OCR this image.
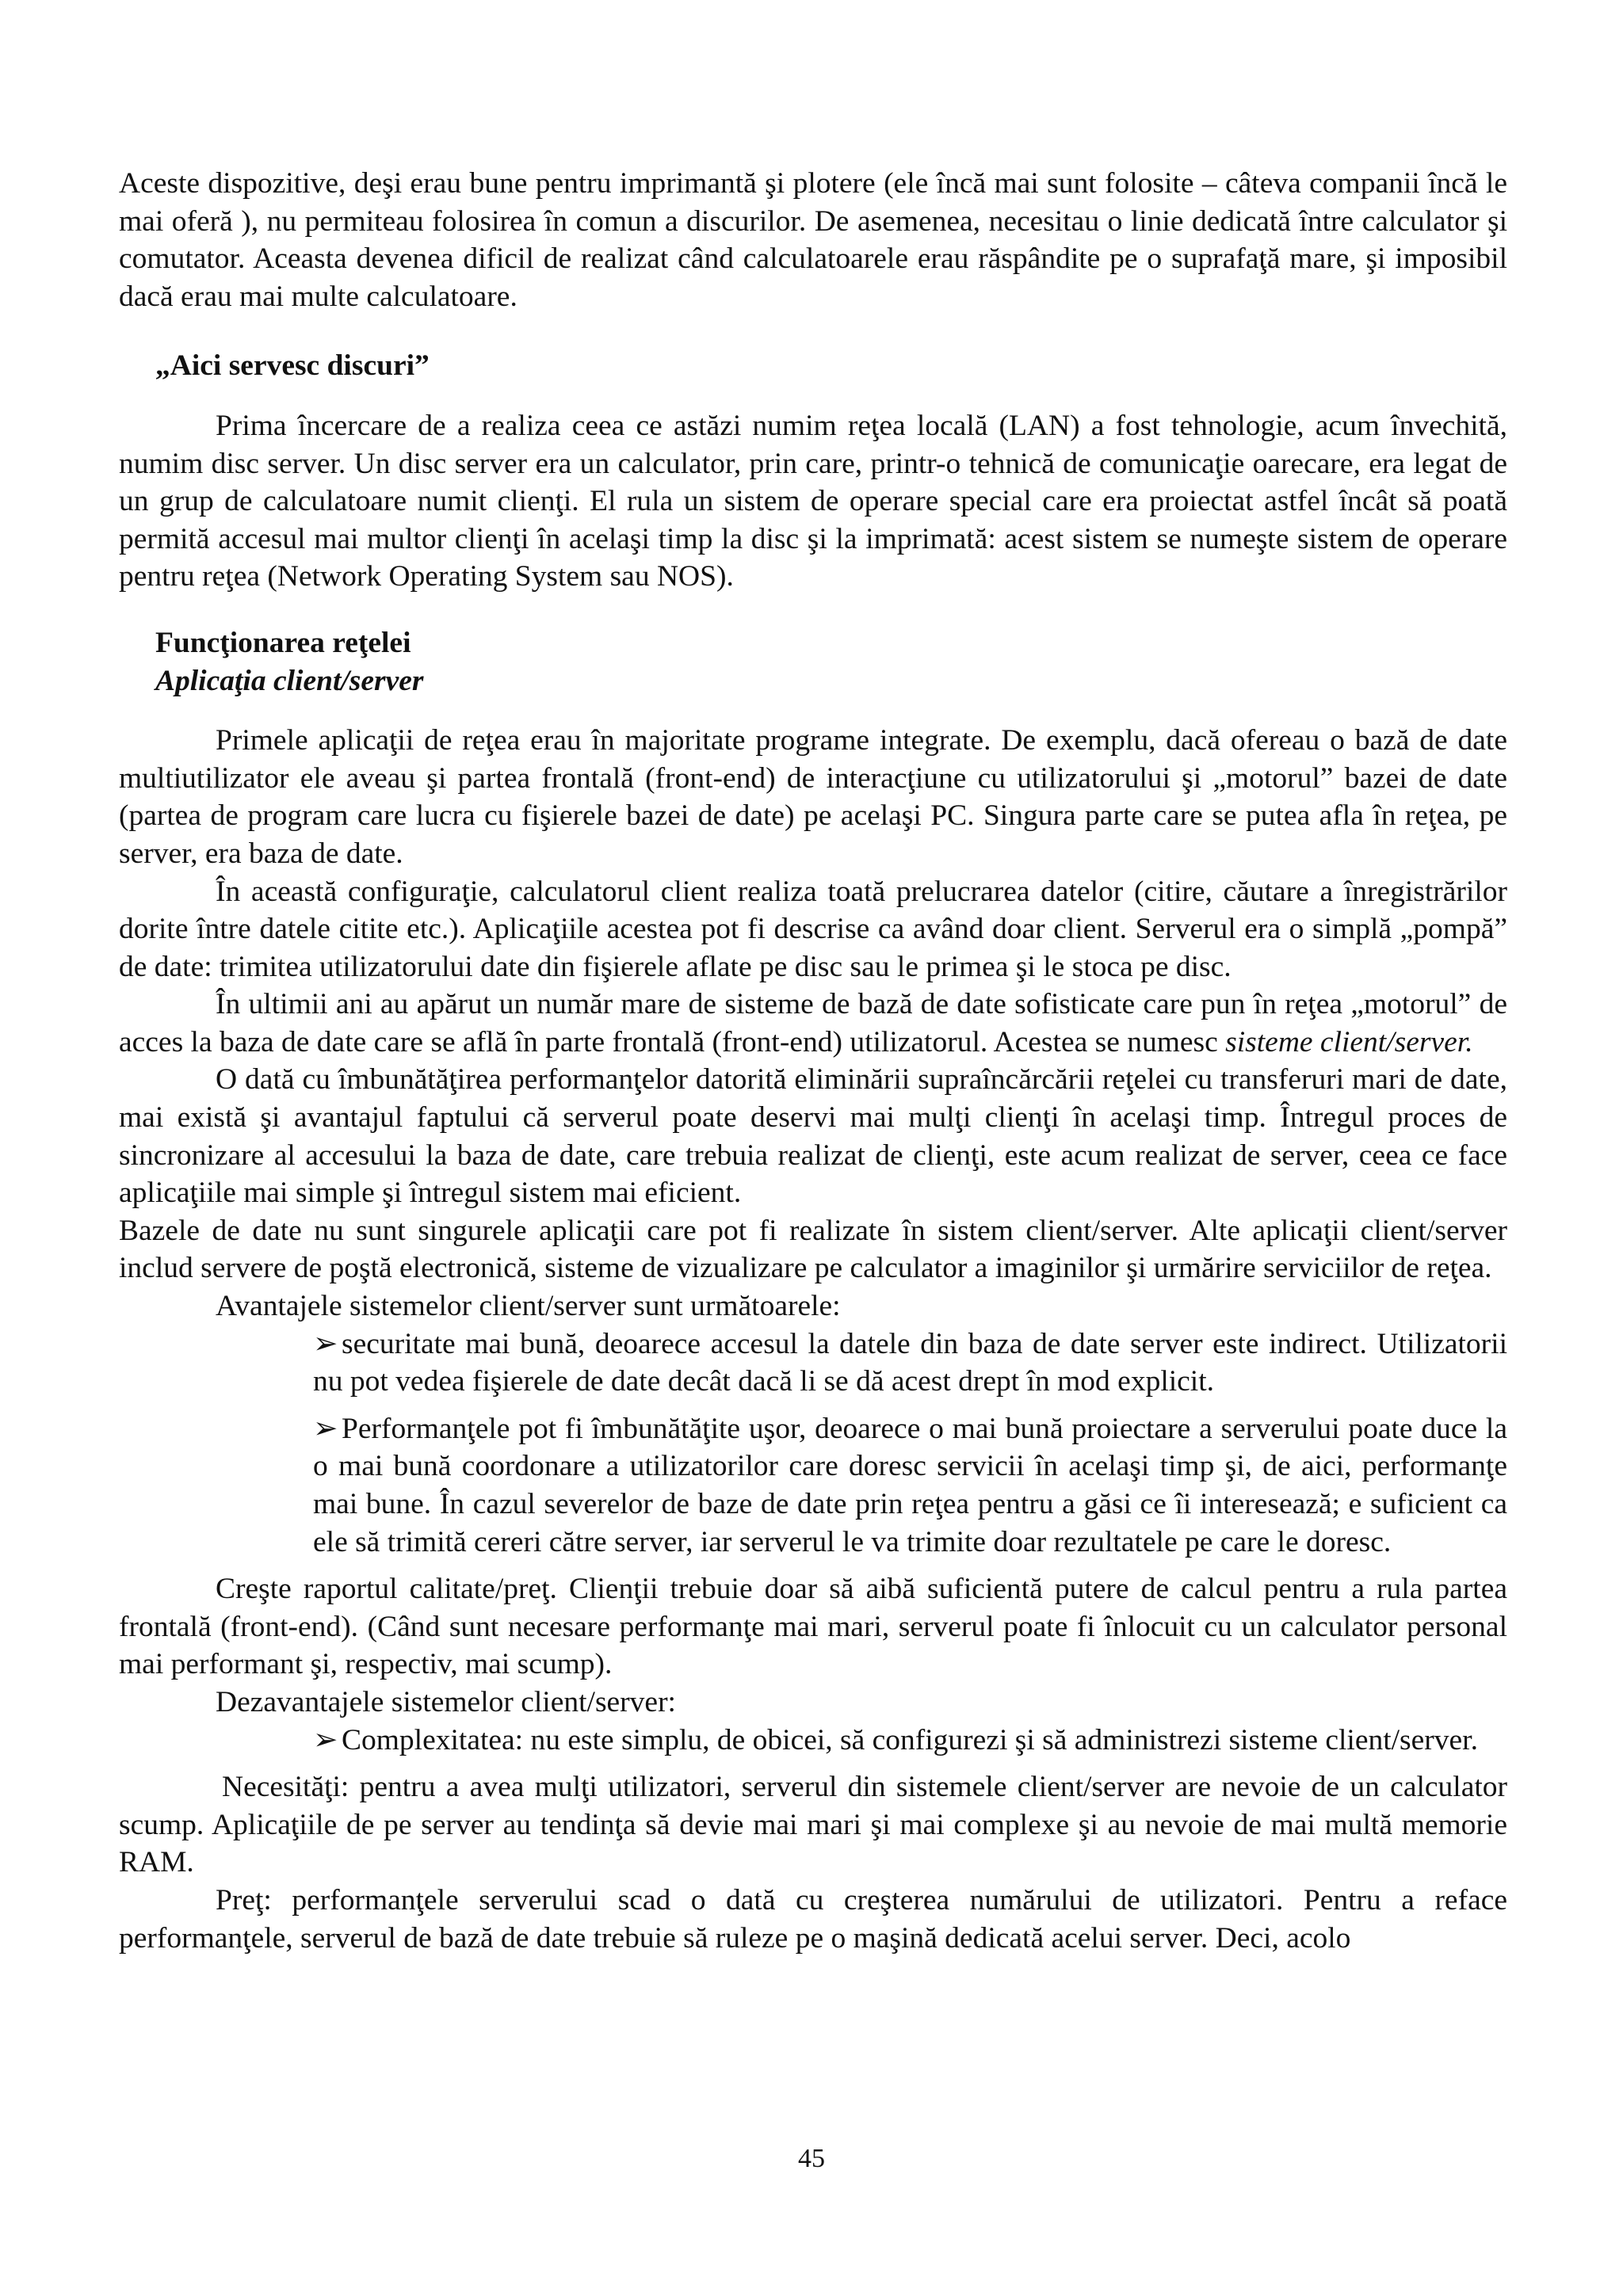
Aceste dispozitive, deşi erau bune pentru imprimantă şi plotere (ele încă mai sunt folosite – câteva companii încă le mai oferă ), nu permiteau folosirea în comun a discurilor. De asemenea, necesitau o linie dedicată între calculator şi comutator. Aceasta devenea dificil de realizat când calculatoarele erau răspândite pe o suprafaţă mare, şi imposibil dacă erau mai multe calculatoare.

„Aici servesc discuri”

Prima încercare de a realiza ceea ce astăzi numim reţea locală (LAN) a fost tehnologie, acum învechită, numim disc server. Un disc server era un calculator, prin care, printr-o tehnică de comunicaţie oarecare, era legat de un grup de calculatoare numit clienţi. El rula un sistem de operare special care era proiectat astfel încât să poată permită accesul mai multor clienţi în acelaşi timp la disc şi la imprimată: acest sistem se numeşte sistem de operare pentru reţea (Network Operating System sau NOS).

Funcţionarea reţelei

Aplicaţia client/server

Primele aplicaţii de reţea erau în majoritate programe integrate. De exemplu, dacă ofereau o bază de date multiutilizator ele aveau şi partea frontală (front-end) de interacţiune cu utilizatorului şi „motorul” bazei de date (partea de program care lucra cu fişierele bazei de date) pe acelaşi PC. Singura parte care se putea afla în reţea, pe server, era baza de date.

În această configuraţie, calculatorul client realiza toată prelucrarea datelor (citire, căutare a înregistrărilor dorite între datele citite etc.). Aplicaţiile acestea pot fi descrise ca având doar client. Serverul era o simplă „pompă” de date: trimitea utilizatorului date din fişierele aflate pe disc sau le primea şi le stoca pe disc.

În ultimii ani au apărut un număr mare de sisteme de bază de date sofisticate care pun în reţea „motorul” de acces la baza de date care se află în parte frontală (front-end) utilizatorul. Acestea se numesc sisteme client/server.

O dată cu îmbunătăţirea performanţelor datorită eliminării supraîncărcării reţelei cu transferuri mari de date, mai există şi avantajul faptului că serverul poate deservi mai mulţi clienţi în acelaşi timp. Întregul proces de sincronizare al accesului la baza de date, care trebuia realizat de clienţi, este acum realizat de server, ceea ce face aplicaţiile mai simple şi întregul sistem mai eficient.

Bazele de date nu sunt singurele aplicaţii care pot fi realizate în sistem client/server. Alte aplicaţii client/server includ servere de poştă electronică, sisteme de vizualizare pe calculator a imaginilor şi urmărire serviciilor de reţea.

Avantajele sistemelor client/server sunt următoarele:

➢ securitate mai bună, deoarece accesul la datele din baza de date server este indirect. Utilizatorii nu pot vedea fişierele de date decât dacă li se dă acest drept în mod explicit.

➢ Performanţele pot fi îmbunătăţite uşor, deoarece o mai bună proiectare a serverului poate duce la o mai bună coordonare a utilizatorilor care doresc servicii în acelaşi timp şi, de aici, performanţe mai bune. În cazul severelor de baze de date prin reţea pentru a găsi ce îi interesează; e suficient ca ele să trimită cereri către server, iar serverul le va trimite doar rezultatele pe care le doresc.

Creşte raportul calitate/preţ. Clienţii trebuie doar să aibă suficientă putere de calcul pentru a rula partea frontală (front-end). (Când sunt necesare performanţe mai mari, serverul poate fi înlocuit cu un calculator personal mai performant şi, respectiv, mai scump).

Dezavantajele sistemelor client/server:

➢ Complexitatea: nu este simplu, de obicei, să configurezi şi să administrezi sisteme client/server.

Necesităţi: pentru a avea mulţi utilizatori, serverul din sistemele client/server are nevoie de un calculator scump. Aplicaţiile de pe server au tendinţa să devie mai mari şi mai complexe şi au nevoie de mai multă memorie RAM.

Preţ: performanţele serverului scad o dată cu creşterea numărului de utilizatori. Pentru a reface performanţele, serverul de bază de date trebuie să ruleze pe o maşină dedicată acelui server. Deci, acolo

45
